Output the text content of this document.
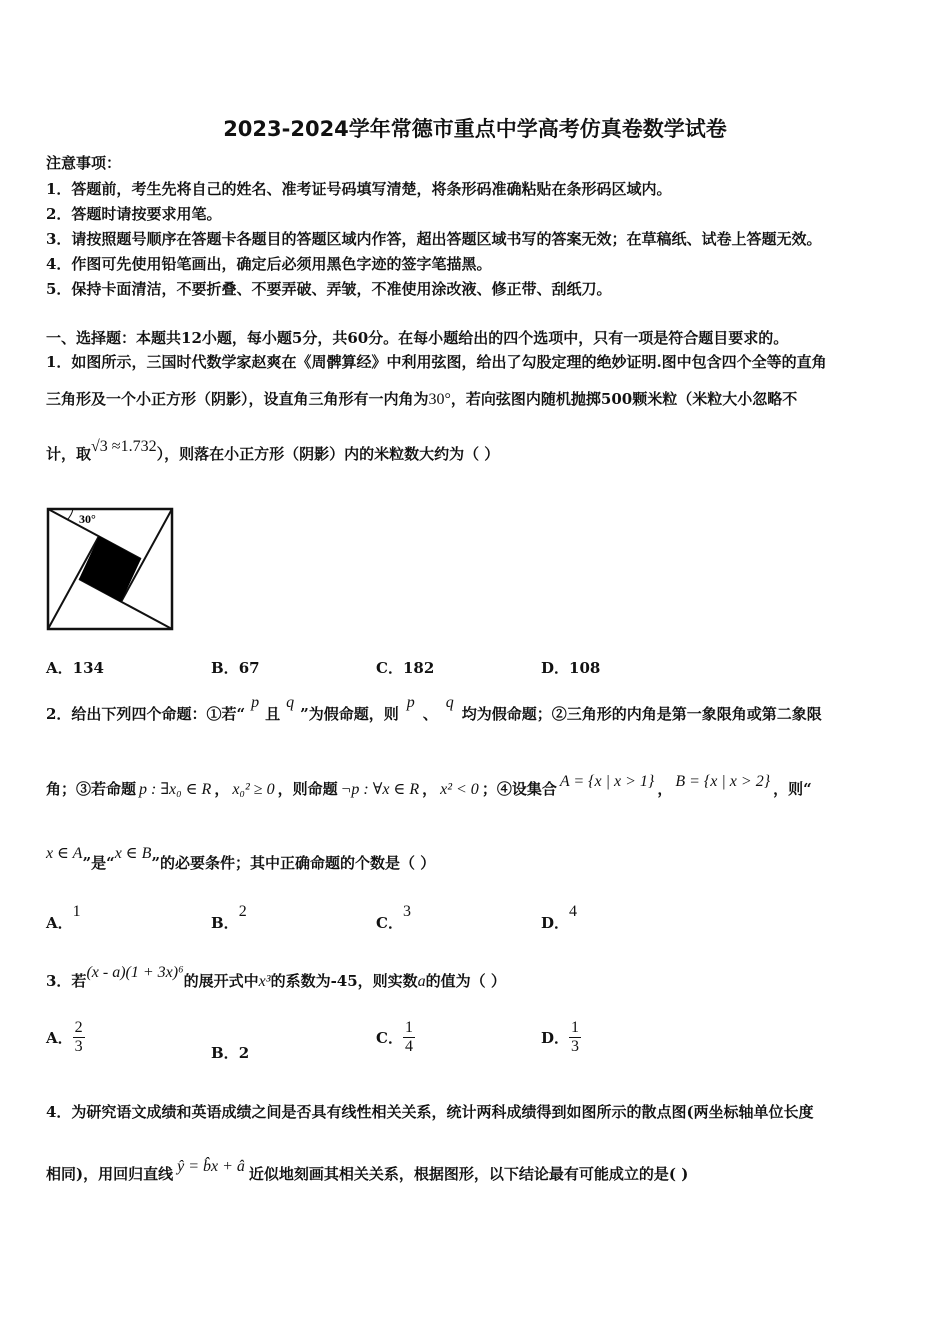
2023-2024学年常德市重点中学高考仿真卷数学试卷
注意事项：
1．答题前，考生先将自己的姓名、准考证号码填写清楚，将条形码准确粘贴在条形码区域内。
2．答题时请按要求用笔。
3．请按照题号顺序在答题卡各题目的答题区域内作答，超出答题区域书写的答案无效；在草稿纸、试卷上答题无效。
4．作图可先使用铅笔画出，确定后必须用黑色字迹的签字笔描黑。
5．保持卡面清洁，不要折叠、不要弄破、弄皱，不准使用涂改液、修正带、刮纸刀。
一、选择题：本题共12小题，每小题5分，共60分。在每小题给出的四个选项中，只有一项是符合题目要求的。
1．如图所示，三国时代数学家赵爽在《周髀算经》中利用弦图，给出了勾股定理的绝妙证明.图中包含四个全等的直角
三角形及一个小正方形（阴影），设直角三角形有一内角为30°，若向弦图内随机抛掷500颗米粒（米粒大小忽略不
计，取√3 ≈1.732），则落在小正方形（阴影）内的米粒数大约为（ ）
30°
A．134	B．67	C．182	D．108
2．给出下列四个命题：①若“p且q”为假命题，则p、q均为假命题；②三角形的内角是第一象限角或第二象限
角；③若命题 p : ∃x₀ ∈ R ， x₀² ≥ 0 ，则命题 ¬p : ∀x ∈ R ， x² < 0 ；④设集合 A = {x | x > 1} ， B = {x | x > 2} ，则“
x ∈ A”是“x ∈ B”的必要条件；其中正确命题的个数是（ ）
A．1
B．2
C．3
D．4
3．若(x - a)(1 + 3x)⁶的展开式中x³的系数为-45，则实数a的值为（ ）
A． $\frac{2}{3}$	B．2
C． $\frac{1}{4}$	D． $\frac{1}{3}$
4．为研究语文成绩和英语成绩之间是否具有线性相关关系，统计两科成绩得到如图所示的散点图(两坐标轴单位长度
相同)，用回归直线 ŷ = b̂x + â 近似地刻画其相关关系，根据图形，以下结论最有可能成立的是( )
